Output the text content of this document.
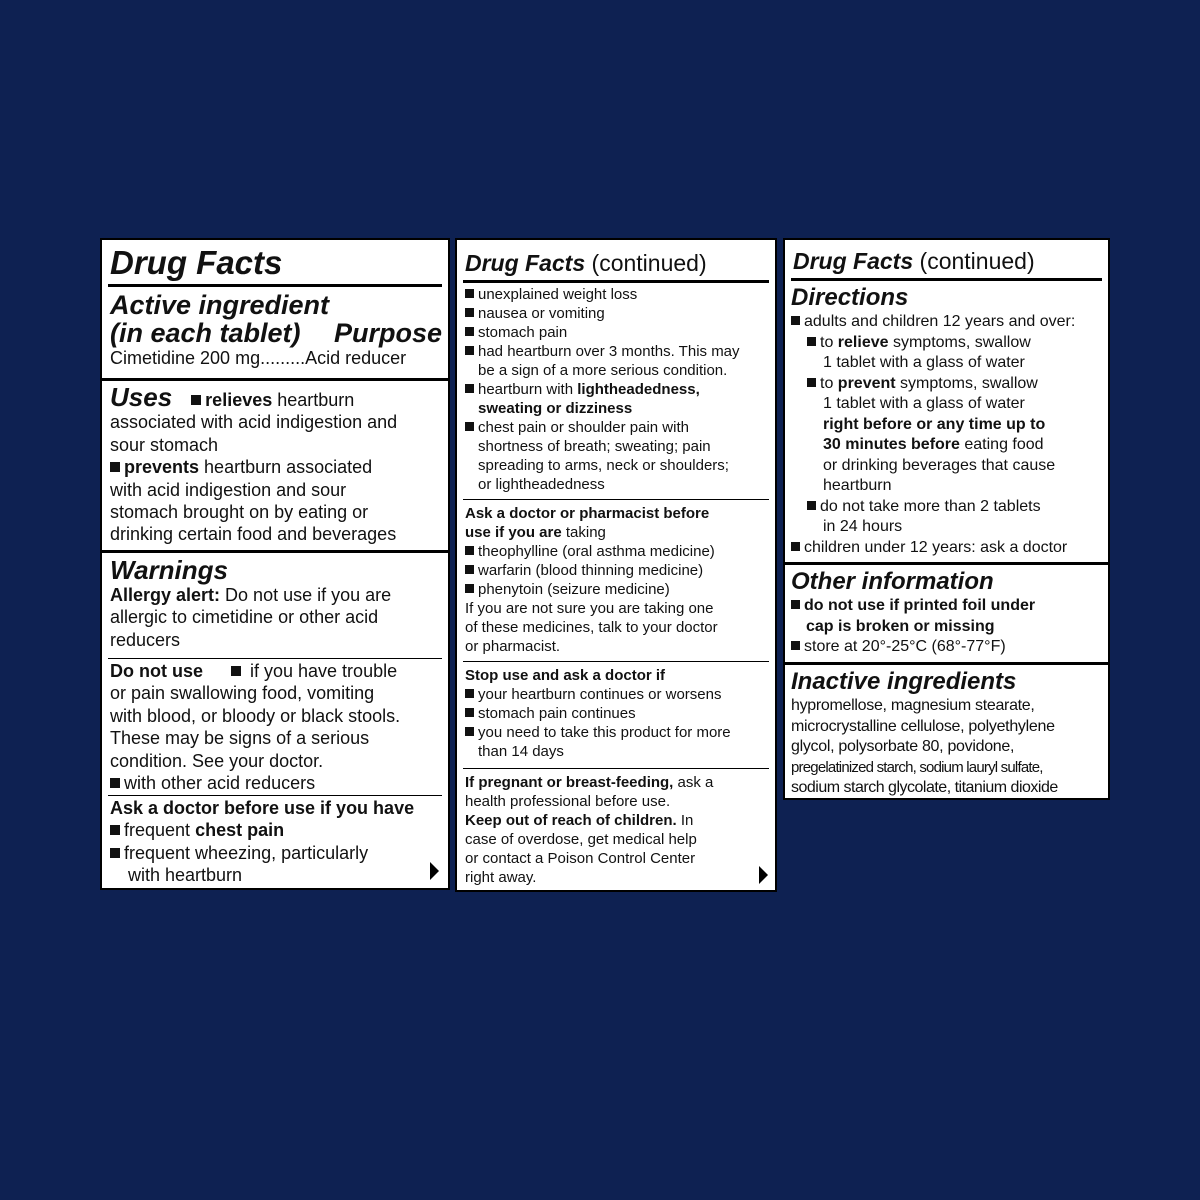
Drug Facts
Active ingredient
(in each tablet) Purpose
Cimetidine 200 mg.........Acid reducer
Uses relieves heartburn
associated with acid indigestion and
sour stomach
prevents heartburn associated
with acid indigestion and sour
stomach brought on by eating or
drinking certain food and beverages
Warnings
Allergy alert: Do not use if you are
allergic to cimetidine or other acid
reducers
Do not use if you have trouble
or pain swallowing food, vomiting
with blood, or bloody or black stools.
These may be signs of a serious
condition. See your doctor.
with other acid reducers
Ask a doctor before use if you have
frequent chest pain
frequent wheezing, particularly
with heartburn
Drug Facts (continued)
unexplained weight loss
nausea or vomiting
stomach pain
had heartburn over 3 months. This may
be a sign of a more serious condition.
heartburn with lightheadedness,
sweating or dizziness
chest pain or shoulder pain with
shortness of breath; sweating; pain
spreading to arms, neck or shoulders;
or lightheadedness
Ask a doctor or pharmacist before
use if you are taking
theophylline (oral asthma medicine)
warfarin (blood thinning medicine)
phenytoin (seizure medicine)
If you are not sure you are taking one
of these medicines, talk to your doctor
or pharmacist.
Stop use and ask a doctor if
your heartburn continues or worsens
stomach pain continues
you need to take this product for more
than 14 days
If pregnant or breast-feeding, ask a
health professional before use.
Keep out of reach of children. In
case of overdose, get medical help
or contact a Poison Control Center
right away.
Drug Facts (continued)
Directions
adults and children 12 years and over:
to relieve symptoms, swallow
1 tablet with a glass of water
to prevent symptoms, swallow
1 tablet with a glass of water
right before or any time up to
30 minutes before eating food
or drinking beverages that cause
heartburn
do not take more than 2 tablets
in 24 hours
children under 12 years: ask a doctor
Other information
do not use if printed foil under
cap is broken or missing
store at 20°-25°C (68°-77°F)
Inactive ingredients
hypromellose, magnesium stearate,
microcrystalline cellulose, polyethylene
glycol, polysorbate 80, povidone,
pregelatinized starch, sodium lauryl sulfate,
sodium starch glycolate, titanium dioxide
